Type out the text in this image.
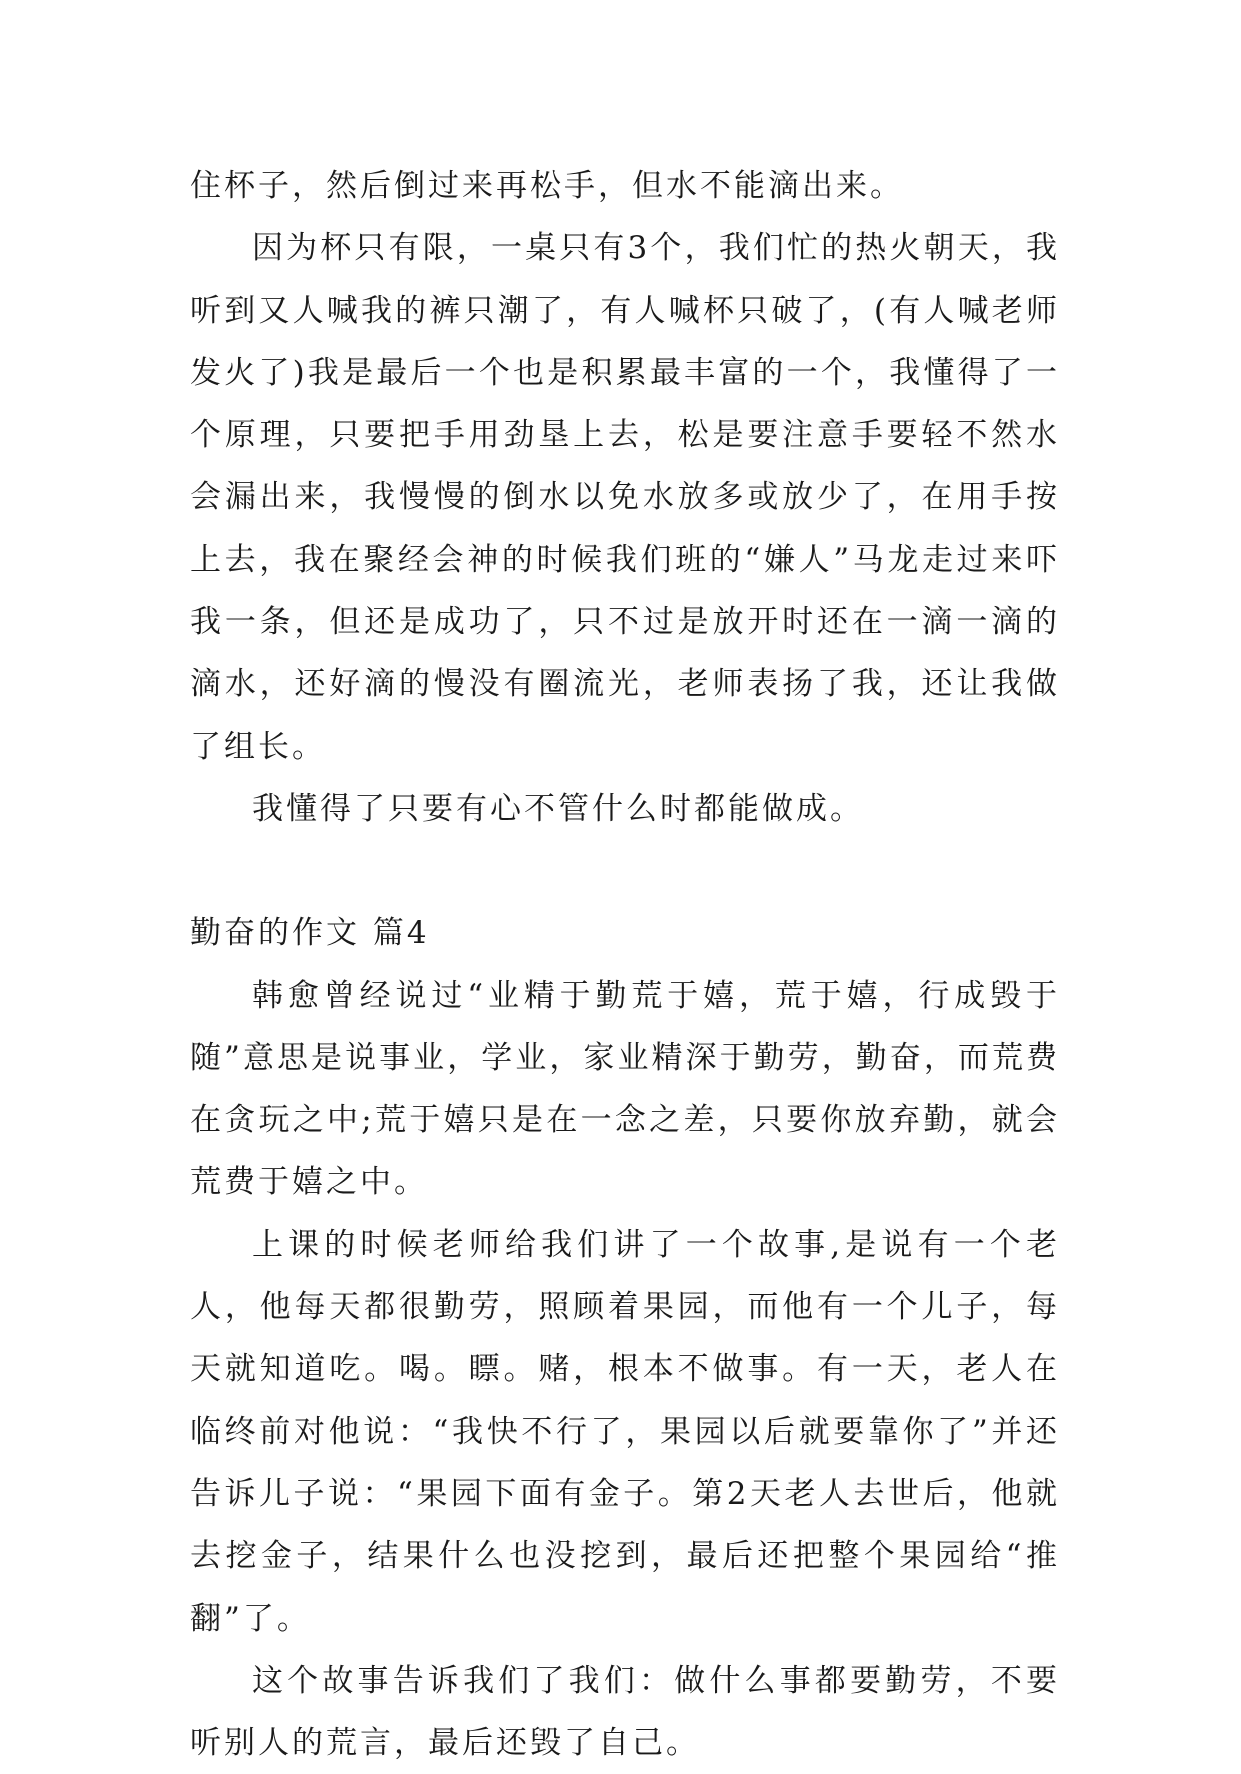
住杯子，然后倒过来再松手，但水不能滴出来。

因为杯只有限，一桌只有3个，我们忙的热火朝天，我听到又人喊我的裤只潮了，有人喊杯只破了，(有人喊老师发火了)我是最后一个也是积累最丰富的一个，我懂得了一个原理，只要把手用劲垦上去，松是要注意手要轻不然水会漏出来，我慢慢的倒水以免水放多或放少了，在用手按上去，我在聚经会神的时候我们班的“嫌人”马龙走过来吓我一条，但还是成功了，只不过是放开时还在一滴一滴的滴水，还好滴的慢没有圈流光，老师表扬了我，还让我做了组长。

我懂得了只要有心不管什么时都能做成。

勤奋的作文 篇4

韩愈曾经说过“业精于勤荒于嬉，荒于嬉，行成毁于随”意思是说事业，学业，家业精深于勤劳，勤奋，而荒费在贪玩之中;荒于嬉只是在一念之差，只要你放弃勤，就会荒费于嬉之中。

上课的时候老师给我们讲了一个故事,是说有一个老人，他每天都很勤劳，照顾着果园，而他有一个儿子，每天就知道吃。喝。瞟。赌，根本不做事。有一天，老人在临终前对他说：“我快不行了，果园以后就要靠你了”并还告诉儿子说：“果园下面有金子。第2天老人去世后，他就去挖金子，结果什么也没挖到，最后还把整个果园给“推翻”了。

这个故事告诉我们了我们：做什么事都要勤劳，不要听别人的荒言，最后还毁了自己。
